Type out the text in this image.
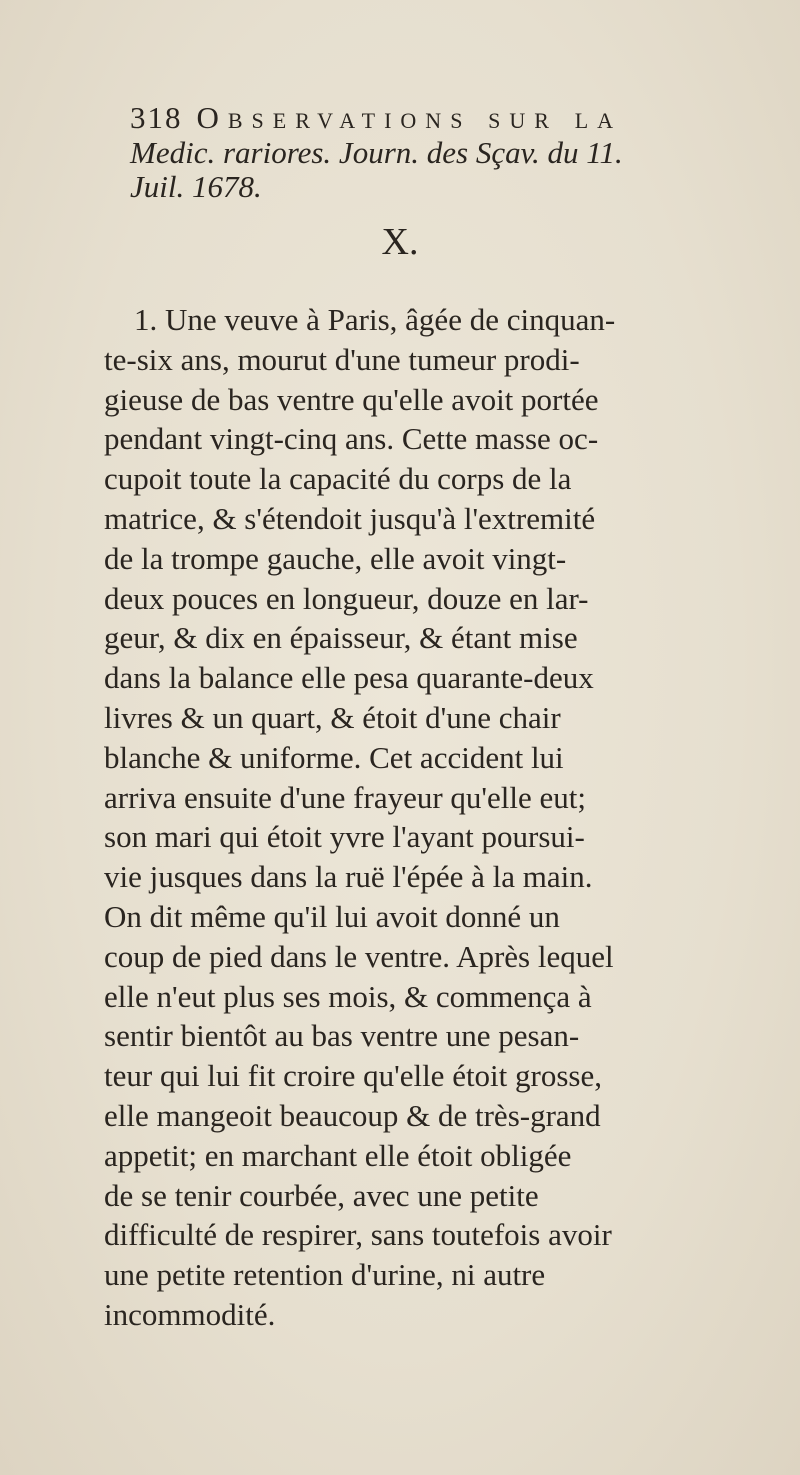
318 Observations sur la
Medic. rariores. Journ. des Sçav. du 11.
Juil. 1678.
X.
1. Une veuve à Paris, âgée de cinquan-
te-six ans, mourut d'une tumeur prodi-
gieuse de bas ventre qu'elle avoit portée
pendant vingt-cinq ans. Cette masse oc-
cupoit toute la capacité du corps de la
matrice, & s'étendoit jusqu'à l'extremité
de la trompe gauche, elle avoit vingt-
deux pouces en longueur, douze en lar-
geur, & dix en épaisseur, & étant mise
dans la balance elle pesa quarante-deux
livres & un quart, & étoit d'une chair
blanche & uniforme. Cet accident lui
arriva ensuite d'une frayeur qu'elle eut;
son mari qui étoit yvre l'ayant poursui-
vie jusques dans la ruë l'épée à la main.
On dit même qu'il lui avoit donné un
coup de pied dans le ventre. Après lequel
elle n'eut plus ses mois, & commença à
sentir bientôt au bas ventre une pesan-
teur qui lui fit croire qu'elle étoit grosse,
elle mangeoit beaucoup & de très-grand
appetit; en marchant elle étoit obligée
de se tenir courbée, avec une petite
difficulté de respirer, sans toutefois avoir
une petite retention d'urine, ni autre
incommodité.
